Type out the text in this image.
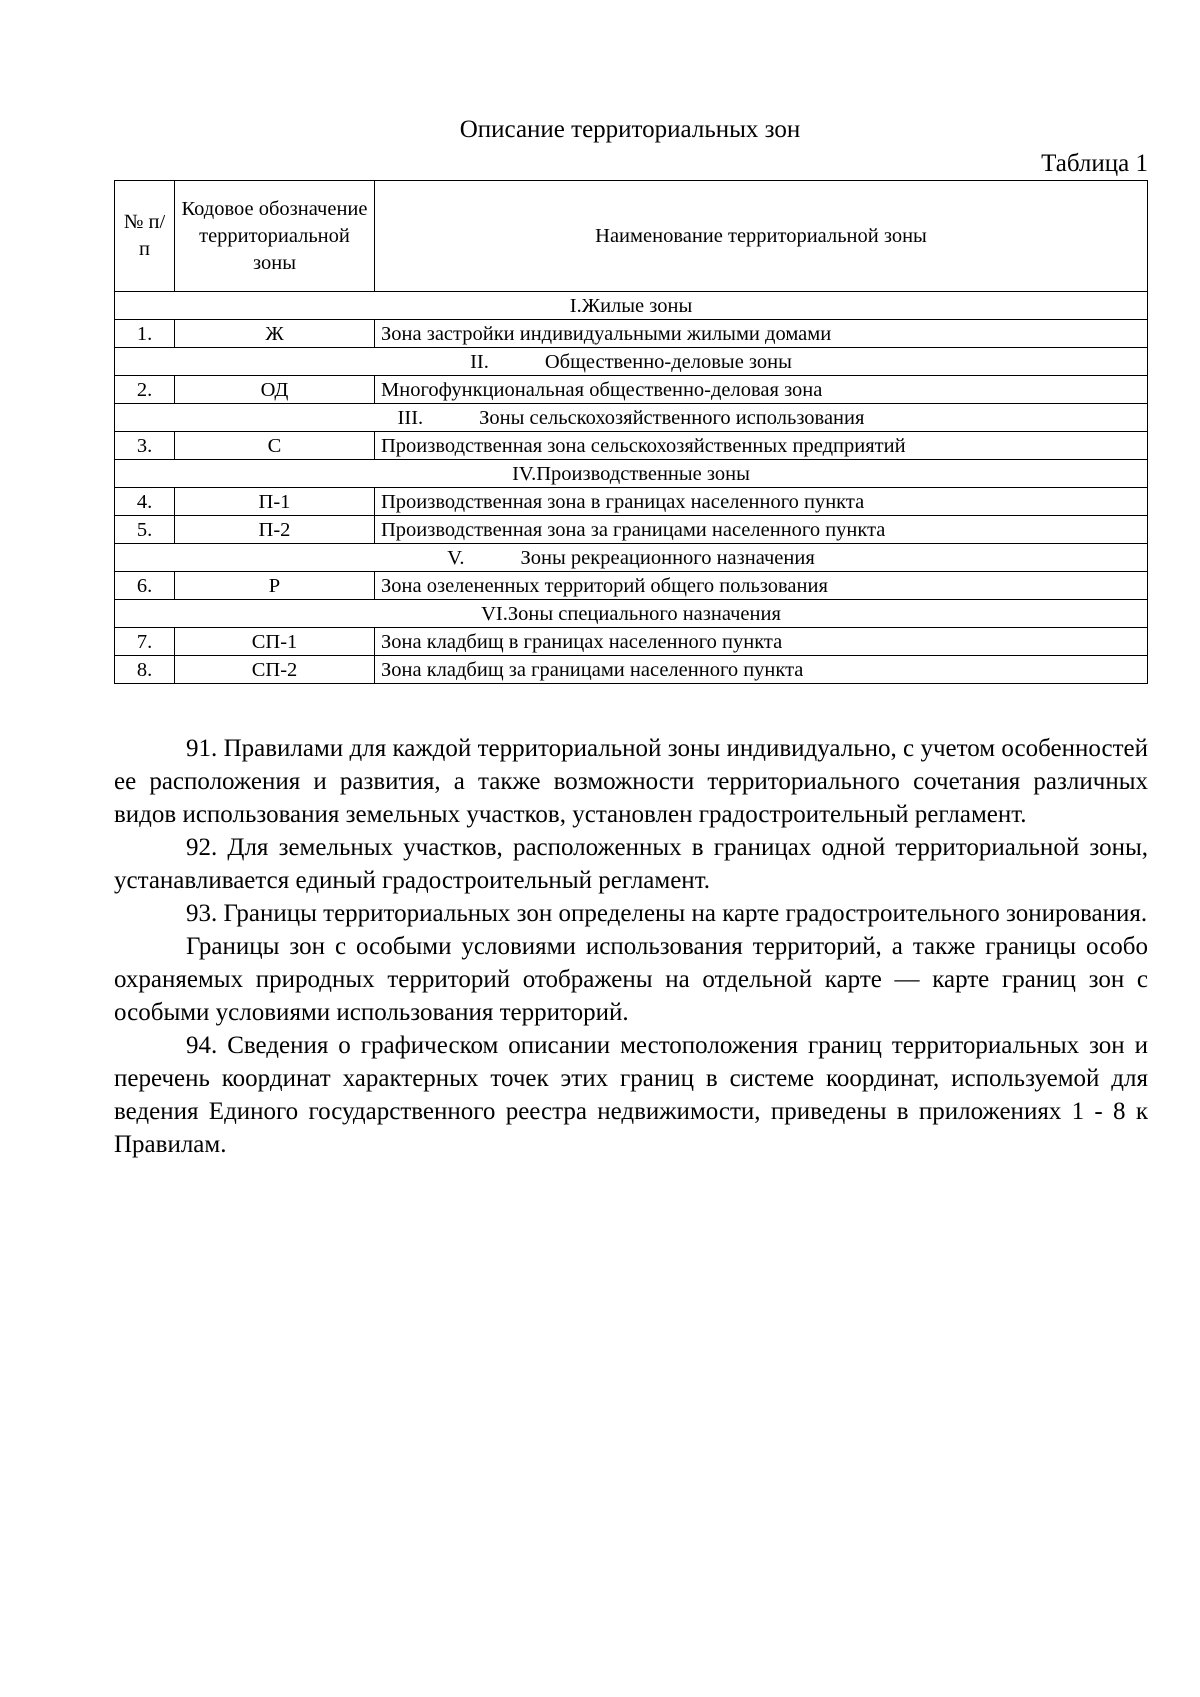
Описание территориальных зон
Таблица 1
№ п/п	Кодовое обозначение территориальной зоны	Наименование территориальной зоны
I.Жилые зоны		
1.	Ж	Зона застройки индивидуальными жилыми домами
II. Общественно-деловые зоны		
2.	ОД	Многофункциональная общественно-деловая зона
III. Зоны сельскохозяйственного использования		
3.	С	Производственная зона сельскохозяйственных предприятий
IV.Производственные зоны		
4.	П-1	Производственная зона в границах населенного пункта
5.	П-2	Производственная зона за границами населенного пункта
V. Зоны рекреационного назначения		
6.	Р	Зона озелененных территорий общего пользования
VI.Зоны специального назначения		
7.	СП-1	Зона кладбищ в границах населенного пункта
8.	СП-2	Зона кладбищ за границами населенного пункта

91. Правилами для каждой территориальной зоны индивидуально, с учетом особенностей ее расположения и развития, а также возможности территориального сочетания различных видов использования земельных участков, установлен градостроительный регламент.

92. Для земельных участков, расположенных в границах одной территориальной зоны, устанавливается единый градостроительный регламент.

93. Границы территориальных зон определены на карте градостроительного зонирования.

Границы зон с особыми условиями использования территорий, а также границы особо охраняемых природных территорий отображены на отдельной карте — карте границ зон с особыми условиями использования территорий.

94. Сведения о графическом описании местоположения границ территориальных зон и перечень координат характерных точек этих границ в системе координат, используемой для ведения Единого государственного реестра недвижимости, приведены в приложениях 1 - 8 к Правилам.
